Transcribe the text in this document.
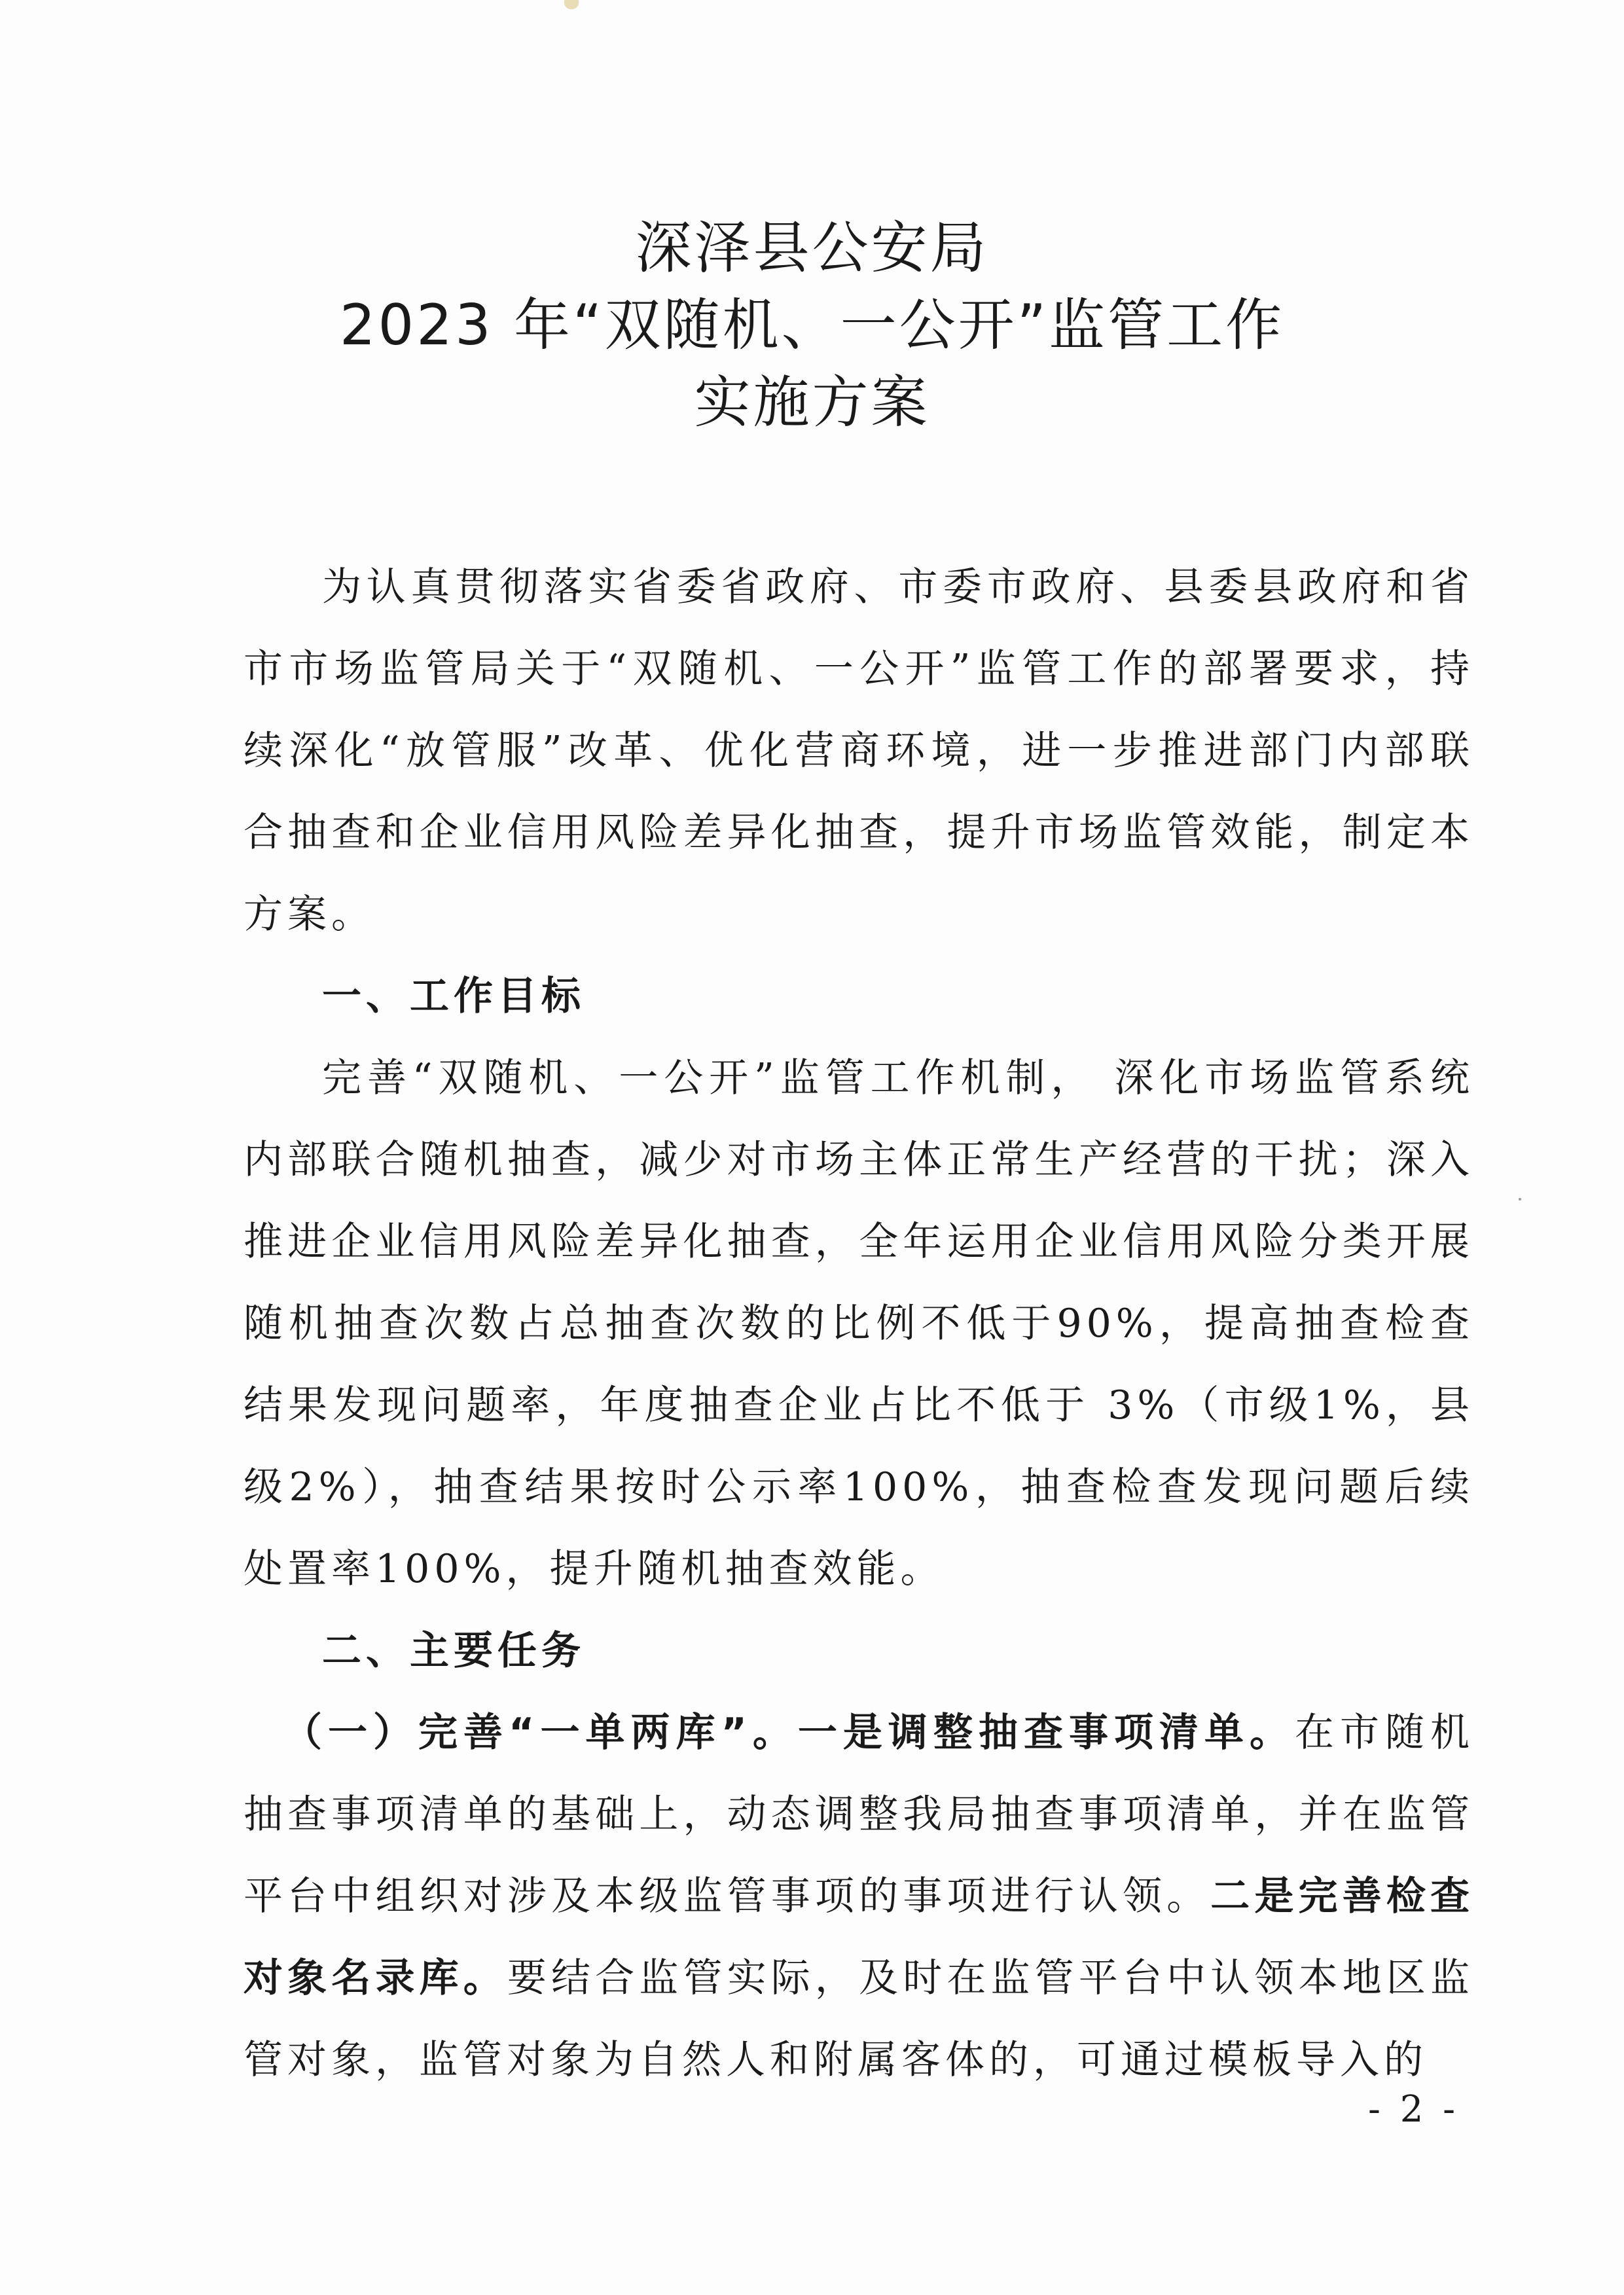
深泽县公安局
2023 年“双随机、一公开”监管工作
实施方案

为认真贯彻落实省委省政府、市委市政府、县委县政府和省市市场监管局关于“双随机、一公开”监管工作的部署要求，持续深化“放管服”改革、优化营商环境，进一步推进部门内部联合抽查和企业信用风险差异化抽查，提升市场监管效能，制定本方案。

一、工作目标

完善“双随机、一公开”监管工作机制， 深化市场监管系统内部联合随机抽查，减少对市场主体正常生产经营的干扰；深入推进企业信用风险差异化抽查，全年运用企业信用风险分类开展随机抽查次数占总抽查次数的比例不低于90%，提高抽查检查结果发现问题率，年度抽查企业占比不低于 3%（市级1%，县级2%），抽查结果按时公示率100%，抽查检查发现问题后续处置率100%，提升随机抽查效能。

二、主要任务

（一）完善“一单两库”。一是调整抽查事项清单。在市随机抽查事项清单的基础上，动态调整我局抽查事项清单，并在监管平台中组织对涉及本级监管事项的事项进行认领。二是完善检查对象名录库。要结合监管实际，及时在监管平台中认领本地区监管对象，监管对象为自然人和附属客体的，可通过模板导入的

- 2 -
